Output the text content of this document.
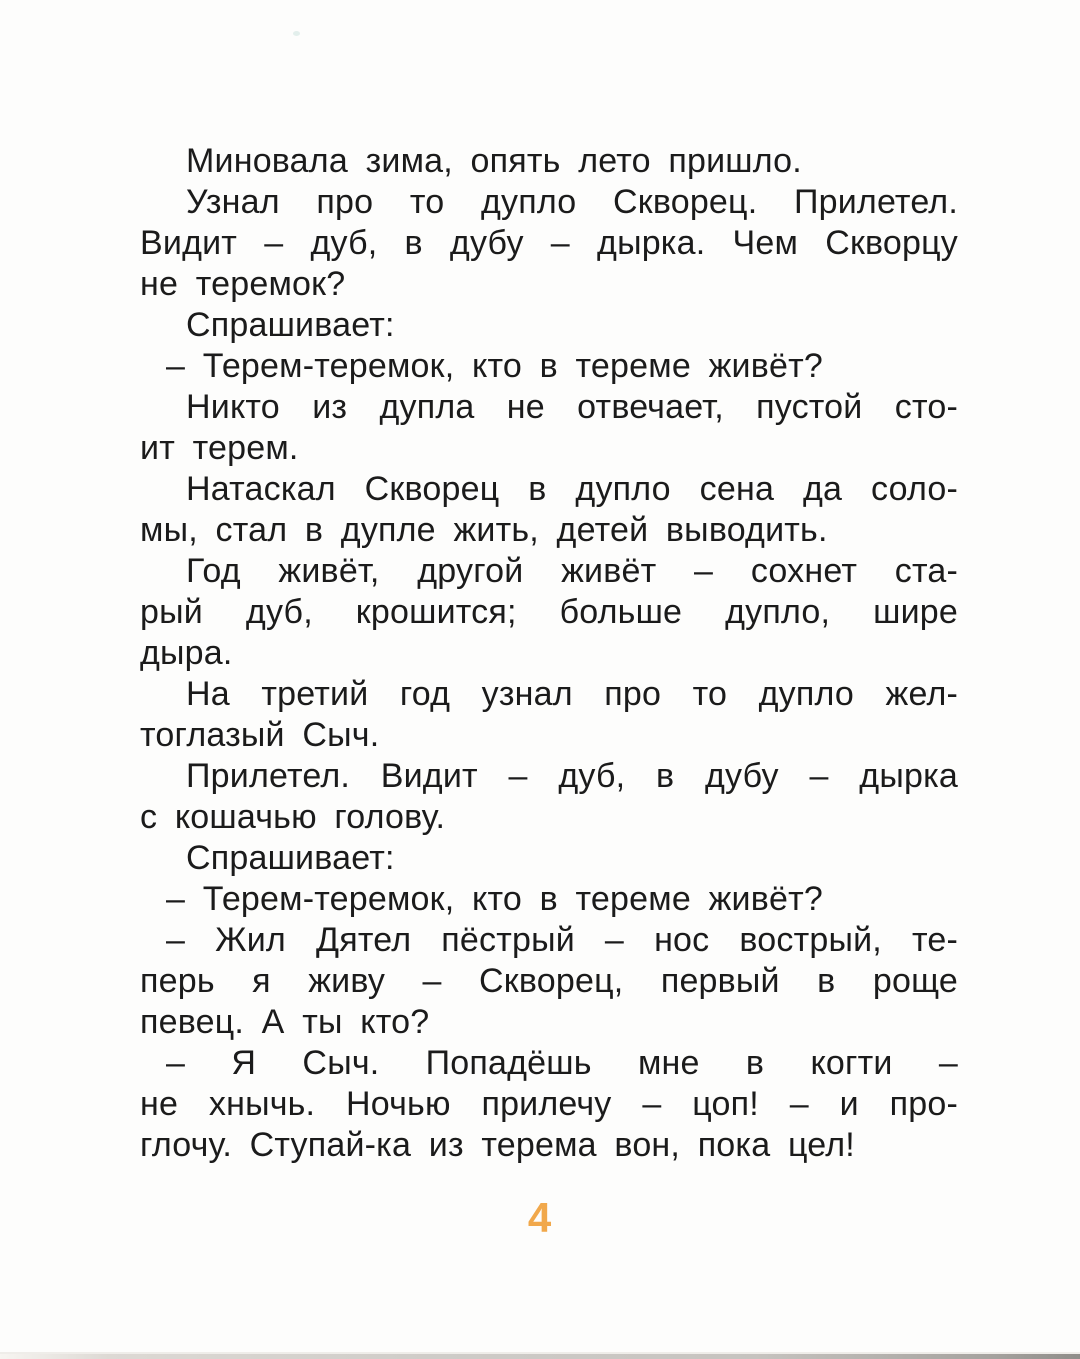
Миновала зима, опять лето пришло.
Узнал про то дупло Скворец. Прилетел.
Видит – дуб, в дубу – дырка. Чем Скворцу
не теремок?
Спрашивает:
– Терем-теремок, кто в тереме живёт?
Никто из дупла не отвечает, пустой сто-
ит терем.
Натаскал Скворец в дупло сена да соло-
мы, стал в дупле жить, детей выводить.
Год живёт, другой живёт – сохнет ста-
рый дуб, крошится; больше дупло, шире
дыра.
На третий год узнал про то дупло жел-
тоглазый Сыч.
Прилетел. Видит – дуб, в дубу – дырка
с кошачью голову.
Спрашивает:
– Терем-теремок, кто в тереме живёт?
– Жил Дятел пёстрый – нос вострый, те-
перь я живу – Скворец, первый в роще
певец. А ты кто?
– Я Сыч. Попадёшь мне в когти –
не хнычь. Ночью прилечу – цоп! – и про-
глочу. Ступай-ка из терема вон, пока цел!
4
